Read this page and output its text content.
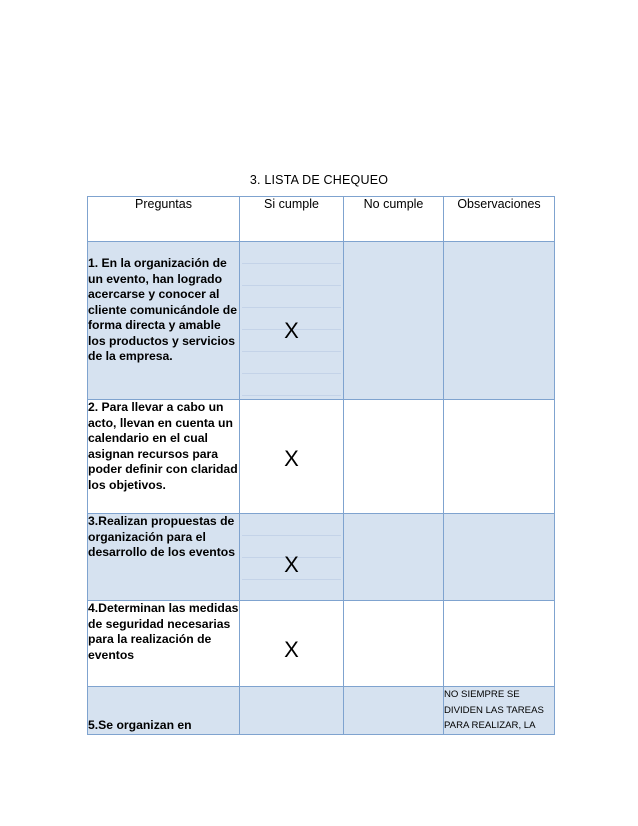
3. LISTA DE CHEQUEO
Preguntas	Si cumple	No cumple	Observaciones
1. En la organización de un evento, han logrado acercarse y conocer al cliente comunicándole de forma directa y amable los productos y servicios de la empresa.	X		

2. Para llevar a cabo un acto, llevan en cuenta un calendario en el cual asignan recursos para poder definir con claridad los objetivos.	X		

3.Realizan propuestas de organización para el desarrollo de los eventos	X		

4.Determinan las medidas de seguridad necesarias para la realización de eventos	X		

5.Se organizan en			NO SIEMPRE SE DIVIDEN LAS TAREAS PARA REALIZAR, LA
